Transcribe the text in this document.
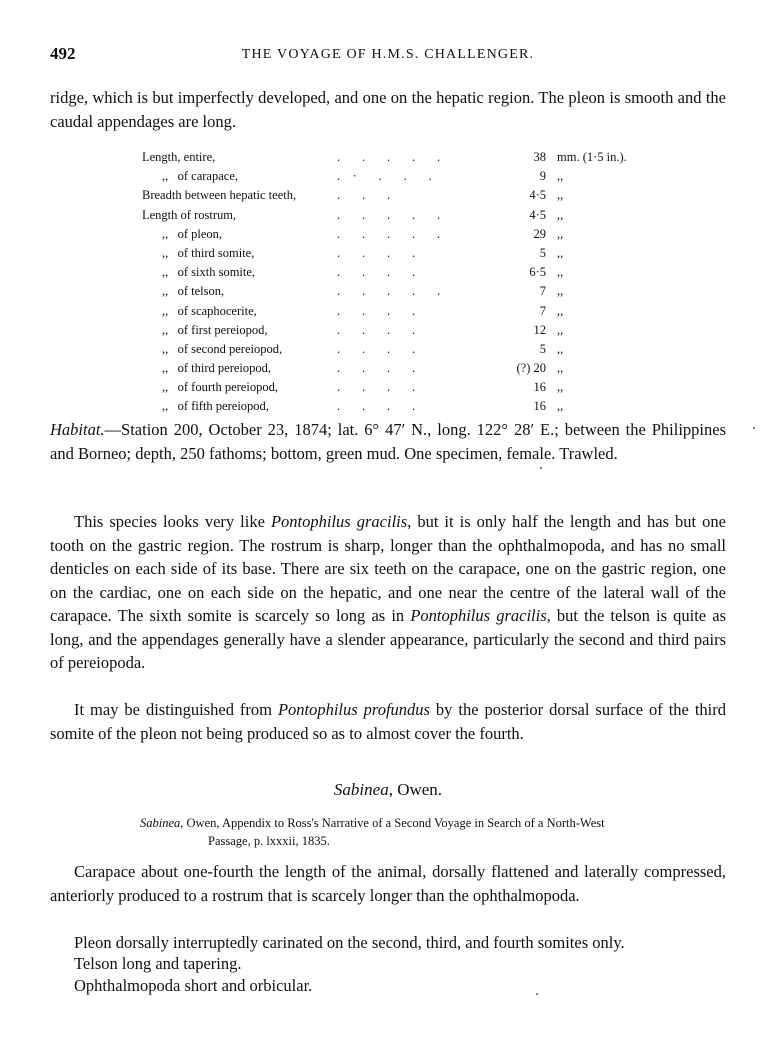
492	THE VOYAGE OF H.M.S. CHALLENGER.

ridge, which is but imperfectly developed, and one on the hepatic region. The pleon is smooth and the caudal appendages are long.

Length, entire,	.       .       .       .       .	38 mm. (1·5 in.).
,,   of carapace,	.    ·       .       .       .	9 ,,
Breadth between hepatic teeth,	.       .       .	4·5 ,,
Length of rostrum,	.       .       .       .       .	4·5 ,,
,,   of pleon,	.       .       .       .       .	29 ,,
,,   of third somite,	.       .       .       .	5 ,,
,,   of sixth somite,	.       .       .       .	6·5 ,,
,,   of telson,	.       .       .       .       .	7 ,,
,,   of scaphocerite,	.       .       .       .	7 ,,
,,   of first pereiopod,	.       .       .       .	12 ,,
,,   of second pereiopod,	.       .       .       .	5 ,,
,,   of third pereiopod,	.       .       .       .	(?) 20 ,,
,,   of fourth pereiopod,	.       .       .       .	16 ,,
,,   of fifth pereiopod,	.       .       .       .	16 ,,

Habitat.—Station 200, October 23, 1874; lat. 6° 47′ N., long. 122° 28′ E.; between the Philippines and Borneo; depth, 250 fathoms; bottom, green mud. One specimen, female. Trawled.

This species looks very like Pontophilus gracilis, but it is only half the length and has but one tooth on the gastric region. The rostrum is sharp, longer than the ophthalmopoda, and has no small denticles on each side of its base. There are six teeth on the carapace, one on the gastric region, one on the cardiac, one on each side on the hepatic, and one near the centre of the lateral wall of the carapace. The sixth somite is scarcely so long as in Pontophilus gracilis, but the telson is quite as long, and the appendages generally have a slender appearance, particularly the second and third pairs of pereiopoda.

It may be distinguished from Pontophilus profundus by the posterior dorsal surface of the third somite of the pleon not being produced so as to almost cover the fourth.

Sabinea, Owen.

Sabinea, Owen, Appendix to Ross's Narrative of a Second Voyage in Search of a North-West
Passage, p. lxxxii, 1835.

Carapace about one-fourth the length of the animal, dorsally flattened and laterally compressed, anteriorly produced to a rostrum that is scarcely longer than the ophthalmopoda.

Pleon dorsally interruptedly carinated on the second, third, and fourth somites only.

Telson long and tapering.

Ophthalmopoda short and orbicular.
